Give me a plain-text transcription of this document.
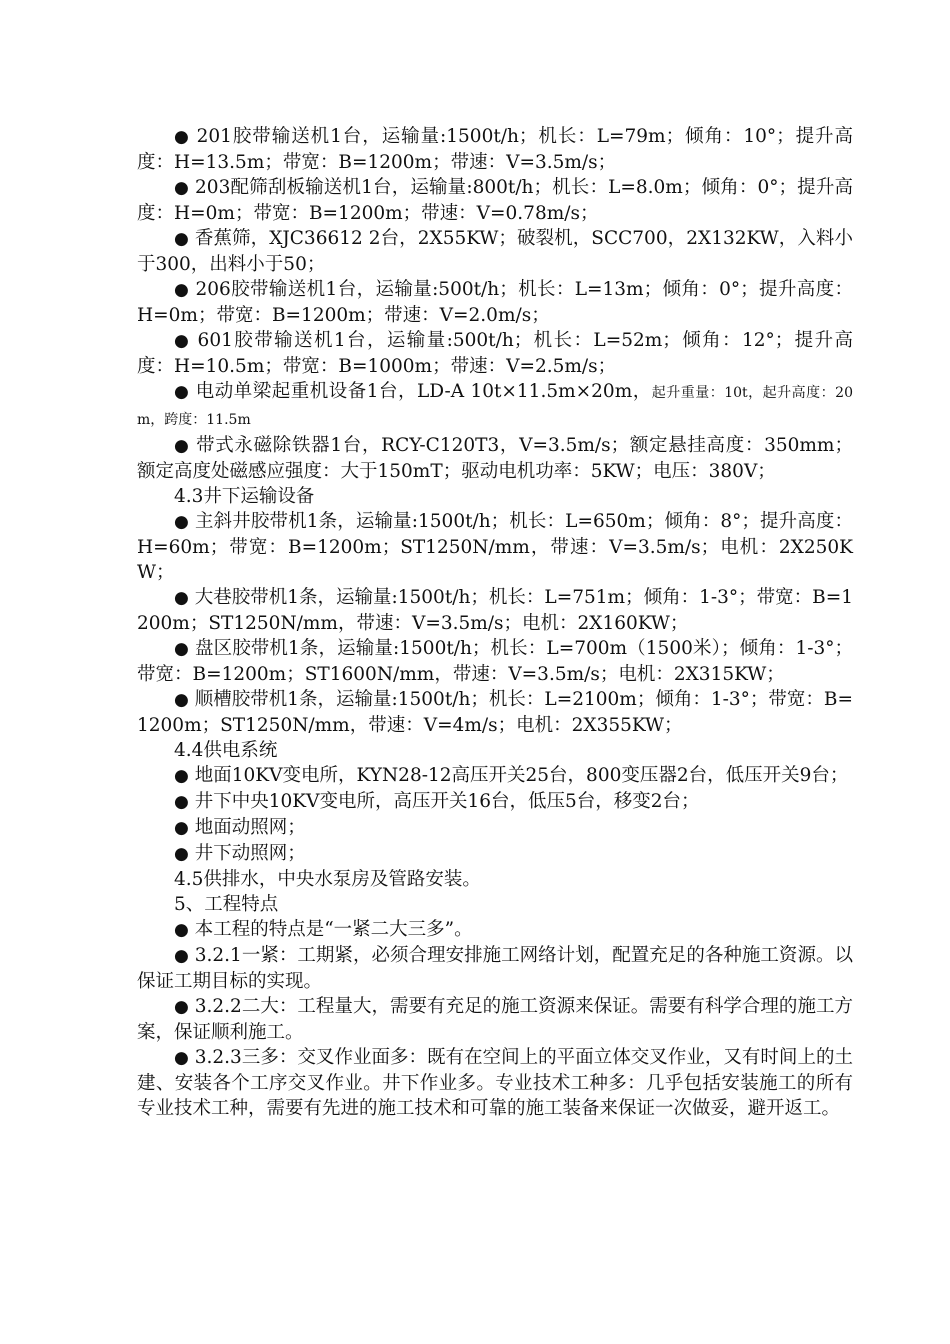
● 201胶带输送机1台，运输量:1500t/h；机长：L=79m；倾角：10°；提升高度：H=13.5m；带宽：B=1200m；带速：V=3.5m/s；

● 203配筛刮板输送机1台，运输量:800t/h；机长：L=8.0m；倾角：0°；提升高度：H=0m；带宽：B=1200m；带速：V=0.78m/s；

● 香蕉筛，XJC36612 2台，2X55KW；破裂机，SCC700，2X132KW，入料小于300，出料小于50；

● 206胶带输送机1台，运输量:500t/h；机长：L=13m；倾角：0°；提升高度：H=0m；带宽：B=1200m；带速：V=2.0m/s；

● 601胶带输送机1台，运输量:500t/h；机长：L=52m；倾角：12°；提升高度：H=10.5m；带宽：B=1000m；带速：V=2.5m/s；

● 电动单梁起重机设备1台，LD-A 10t×11.5m×20m，起升重量：10t，起升高度：20m，跨度：11.5m

● 带式永磁除铁器1台，RCY-C120T3，V=3.5m/s；额定悬挂高度：350mm；额定高度处磁感应强度：大于150mT；驱动电机功率：5KW；电压：380V；

4.3井下运输设备

● 主斜井胶带机1条，运输量:1500t/h；机长：L=650m；倾角：8°；提升高度：H=60m；带宽：B=1200m；ST1250N/mm，带速：V=3.5m/s；电机：2X250KW；

● 大巷胶带机1条，运输量:1500t/h；机长：L=751m；倾角：1-3°；带宽：B=1200m；ST1250N/mm，带速：V=3.5m/s；电机：2X160KW；

● 盘区胶带机1条，运输量:1500t/h；机长：L=700m（1500米）；倾角：1-3°；带宽：B=1200m；ST1600N/mm，带速：V=3.5m/s；电机：2X315KW；

● 顺槽胶带机1条，运输量:1500t/h；机长：L=2100m；倾角：1-3°；带宽：B=1200m；ST1250N/mm，带速：V=4m/s；电机：2X355KW；

4.4供电系统

● 地面10KV变电所，KYN28-12高压开关25台，800变压器2台，低压开关9台；

● 井下中央10KV变电所，高压开关16台，低压5台，移变2台；

● 地面动照网；

● 井下动照网；

4.5供排水，中央水泵房及管路安装。

5、工程特点

● 本工程的特点是“一紧二大三多”。

● 3.2.1一紧：工期紧，必须合理安排施工网络计划，配置充足的各种施工资源。以保证工期目标的实现。

● 3.2.2二大：工程量大，需要有充足的施工资源来保证。需要有科学合理的施工方案，保证顺利施工。

● 3.2.3三多：交叉作业面多：既有在空间上的平面立体交叉作业，又有时间上的土建、安装各个工序交叉作业。井下作业多。专业技术工种多：几乎包括安装施工的所有专业技术工种，需要有先进的施工技术和可靠的施工装备来保证一次做妥，避开返工。
